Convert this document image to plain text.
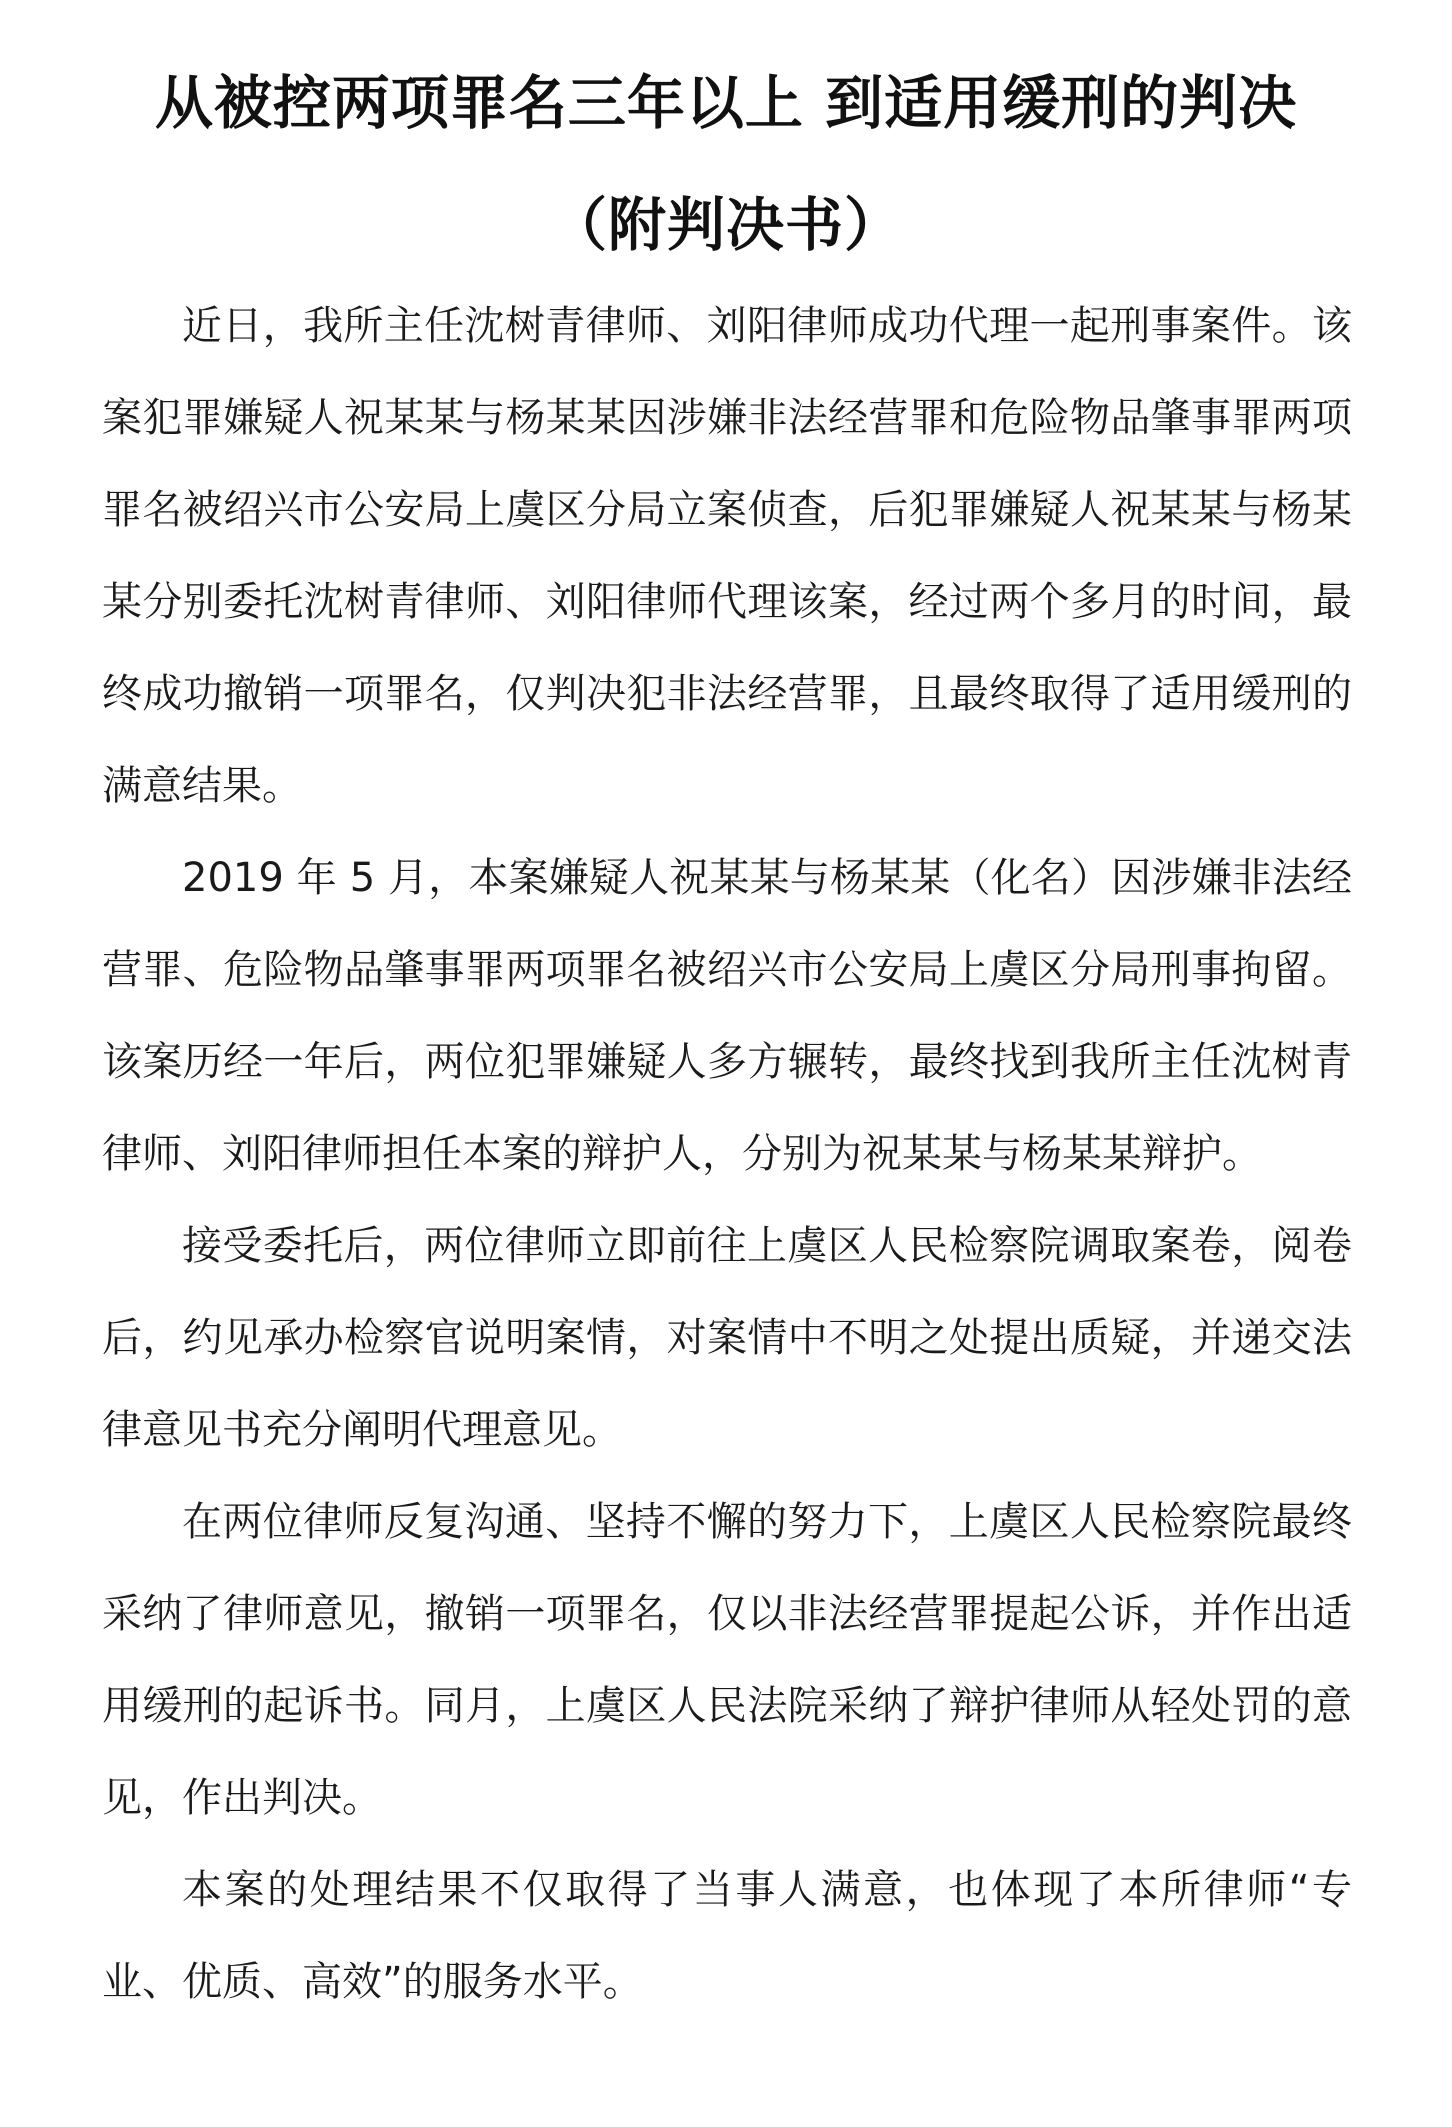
从被控两项罪名三年以上 到适用缓刑的判决
（附判决书）

近日，我所主任沈树青律师、刘阳律师成功代理一起刑事案件。该案犯罪嫌疑人祝某某与杨某某因涉嫌非法经营罪和危险物品肇事罪两项罪名被绍兴市公安局上虞区分局立案侦查，后犯罪嫌疑人祝某某与杨某某分别委托沈树青律师、刘阳律师代理该案，经过两个多月的时间，最终成功撤销一项罪名，仅判决犯非法经营罪，且最终取得了适用缓刑的满意结果。

2019 年 5 月，本案嫌疑人祝某某与杨某某（化名）因涉嫌非法经营罪、危险物品肇事罪两项罪名被绍兴市公安局上虞区分局刑事拘留。该案历经一年后，两位犯罪嫌疑人多方辗转，最终找到我所主任沈树青律师、刘阳律师担任本案的辩护人，分别为祝某某与杨某某辩护。

接受委托后，两位律师立即前往上虞区人民检察院调取案卷，阅卷后，约见承办检察官说明案情，对案情中不明之处提出质疑，并递交法律意见书充分阐明代理意见。

在两位律师反复沟通、坚持不懈的努力下，上虞区人民检察院最终采纳了律师意见，撤销一项罪名，仅以非法经营罪提起公诉，并作出适用缓刑的起诉书。同月，上虞区人民法院采纳了辩护律师从轻处罚的意见，作出判决。

本案的处理结果不仅取得了当事人满意，也体现了本所律师“专业、优质、高效”的服务水平。
